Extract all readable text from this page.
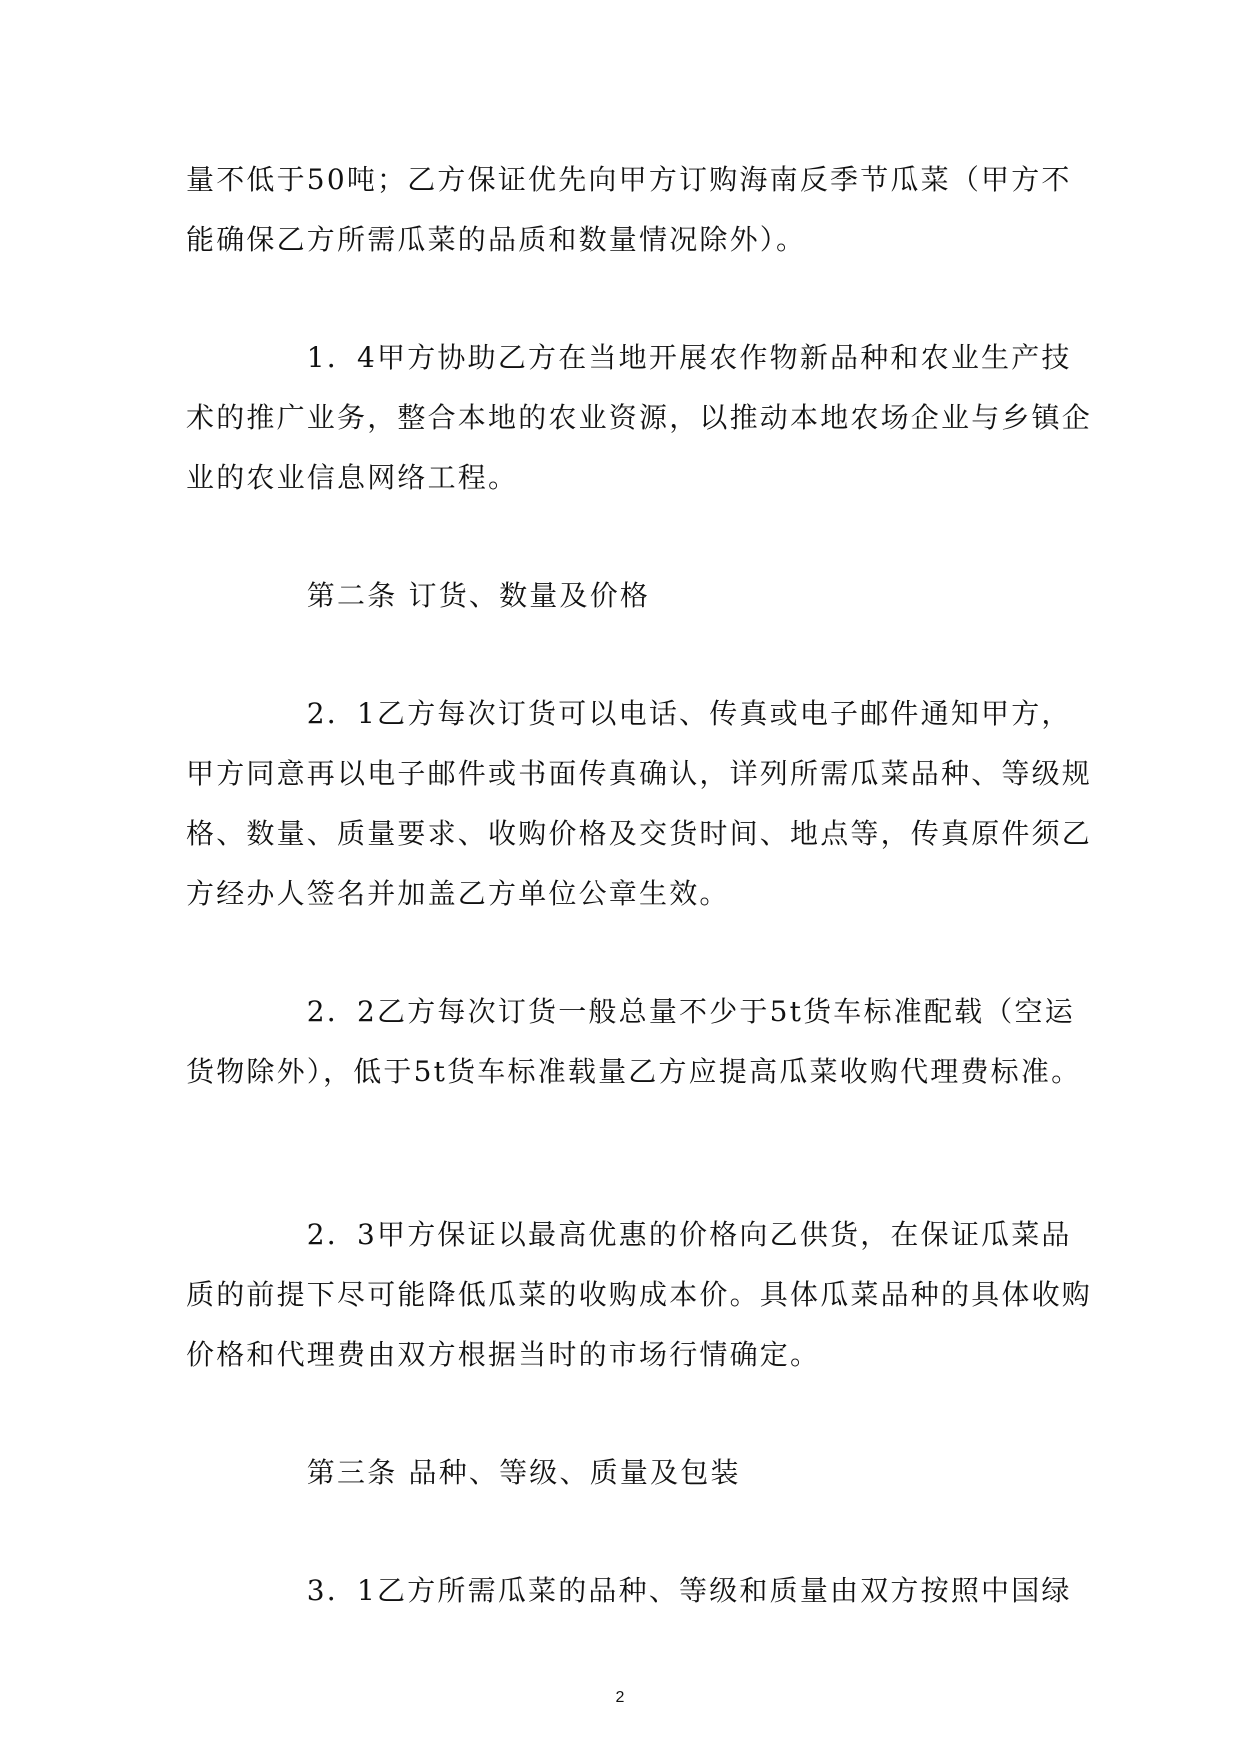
量不低于50吨；乙方保证优先向甲方订购海南反季节瓜菜（甲方不
能确保乙方所需瓜菜的品质和数量情况除外）。
　　　　1．4甲方协助乙方在当地开展农作物新品种和农业生产技
术的推广业务，整合本地的农业资源，以推动本地农场企业与乡镇企
业的农业信息网络工程。
　　　　第二条 订货、数量及价格
　　　　2．1乙方每次订货可以电话、传真或电子邮件通知甲方，
甲方同意再以电子邮件或书面传真确认，详列所需瓜菜品种、等级规
格、数量、质量要求、收购价格及交货时间、地点等，传真原件须乙
方经办人签名并加盖乙方单位公章生效。
　　　　2．2乙方每次订货一般总量不少于5t货车标准配载（空运
货物除外），低于5t货车标准载量乙方应提高瓜菜收购代理费标准。
　　　　2．3甲方保证以最高优惠的价格向乙供货，在保证瓜菜品
质的前提下尽可能降低瓜菜的收购成本价。具体瓜菜品种的具体收购
价格和代理费由双方根据当时的市场行情确定。
　　　　第三条 品种、等级、质量及包装
　　　　3．1乙方所需瓜菜的品种、等级和质量由双方按照中国绿
2
